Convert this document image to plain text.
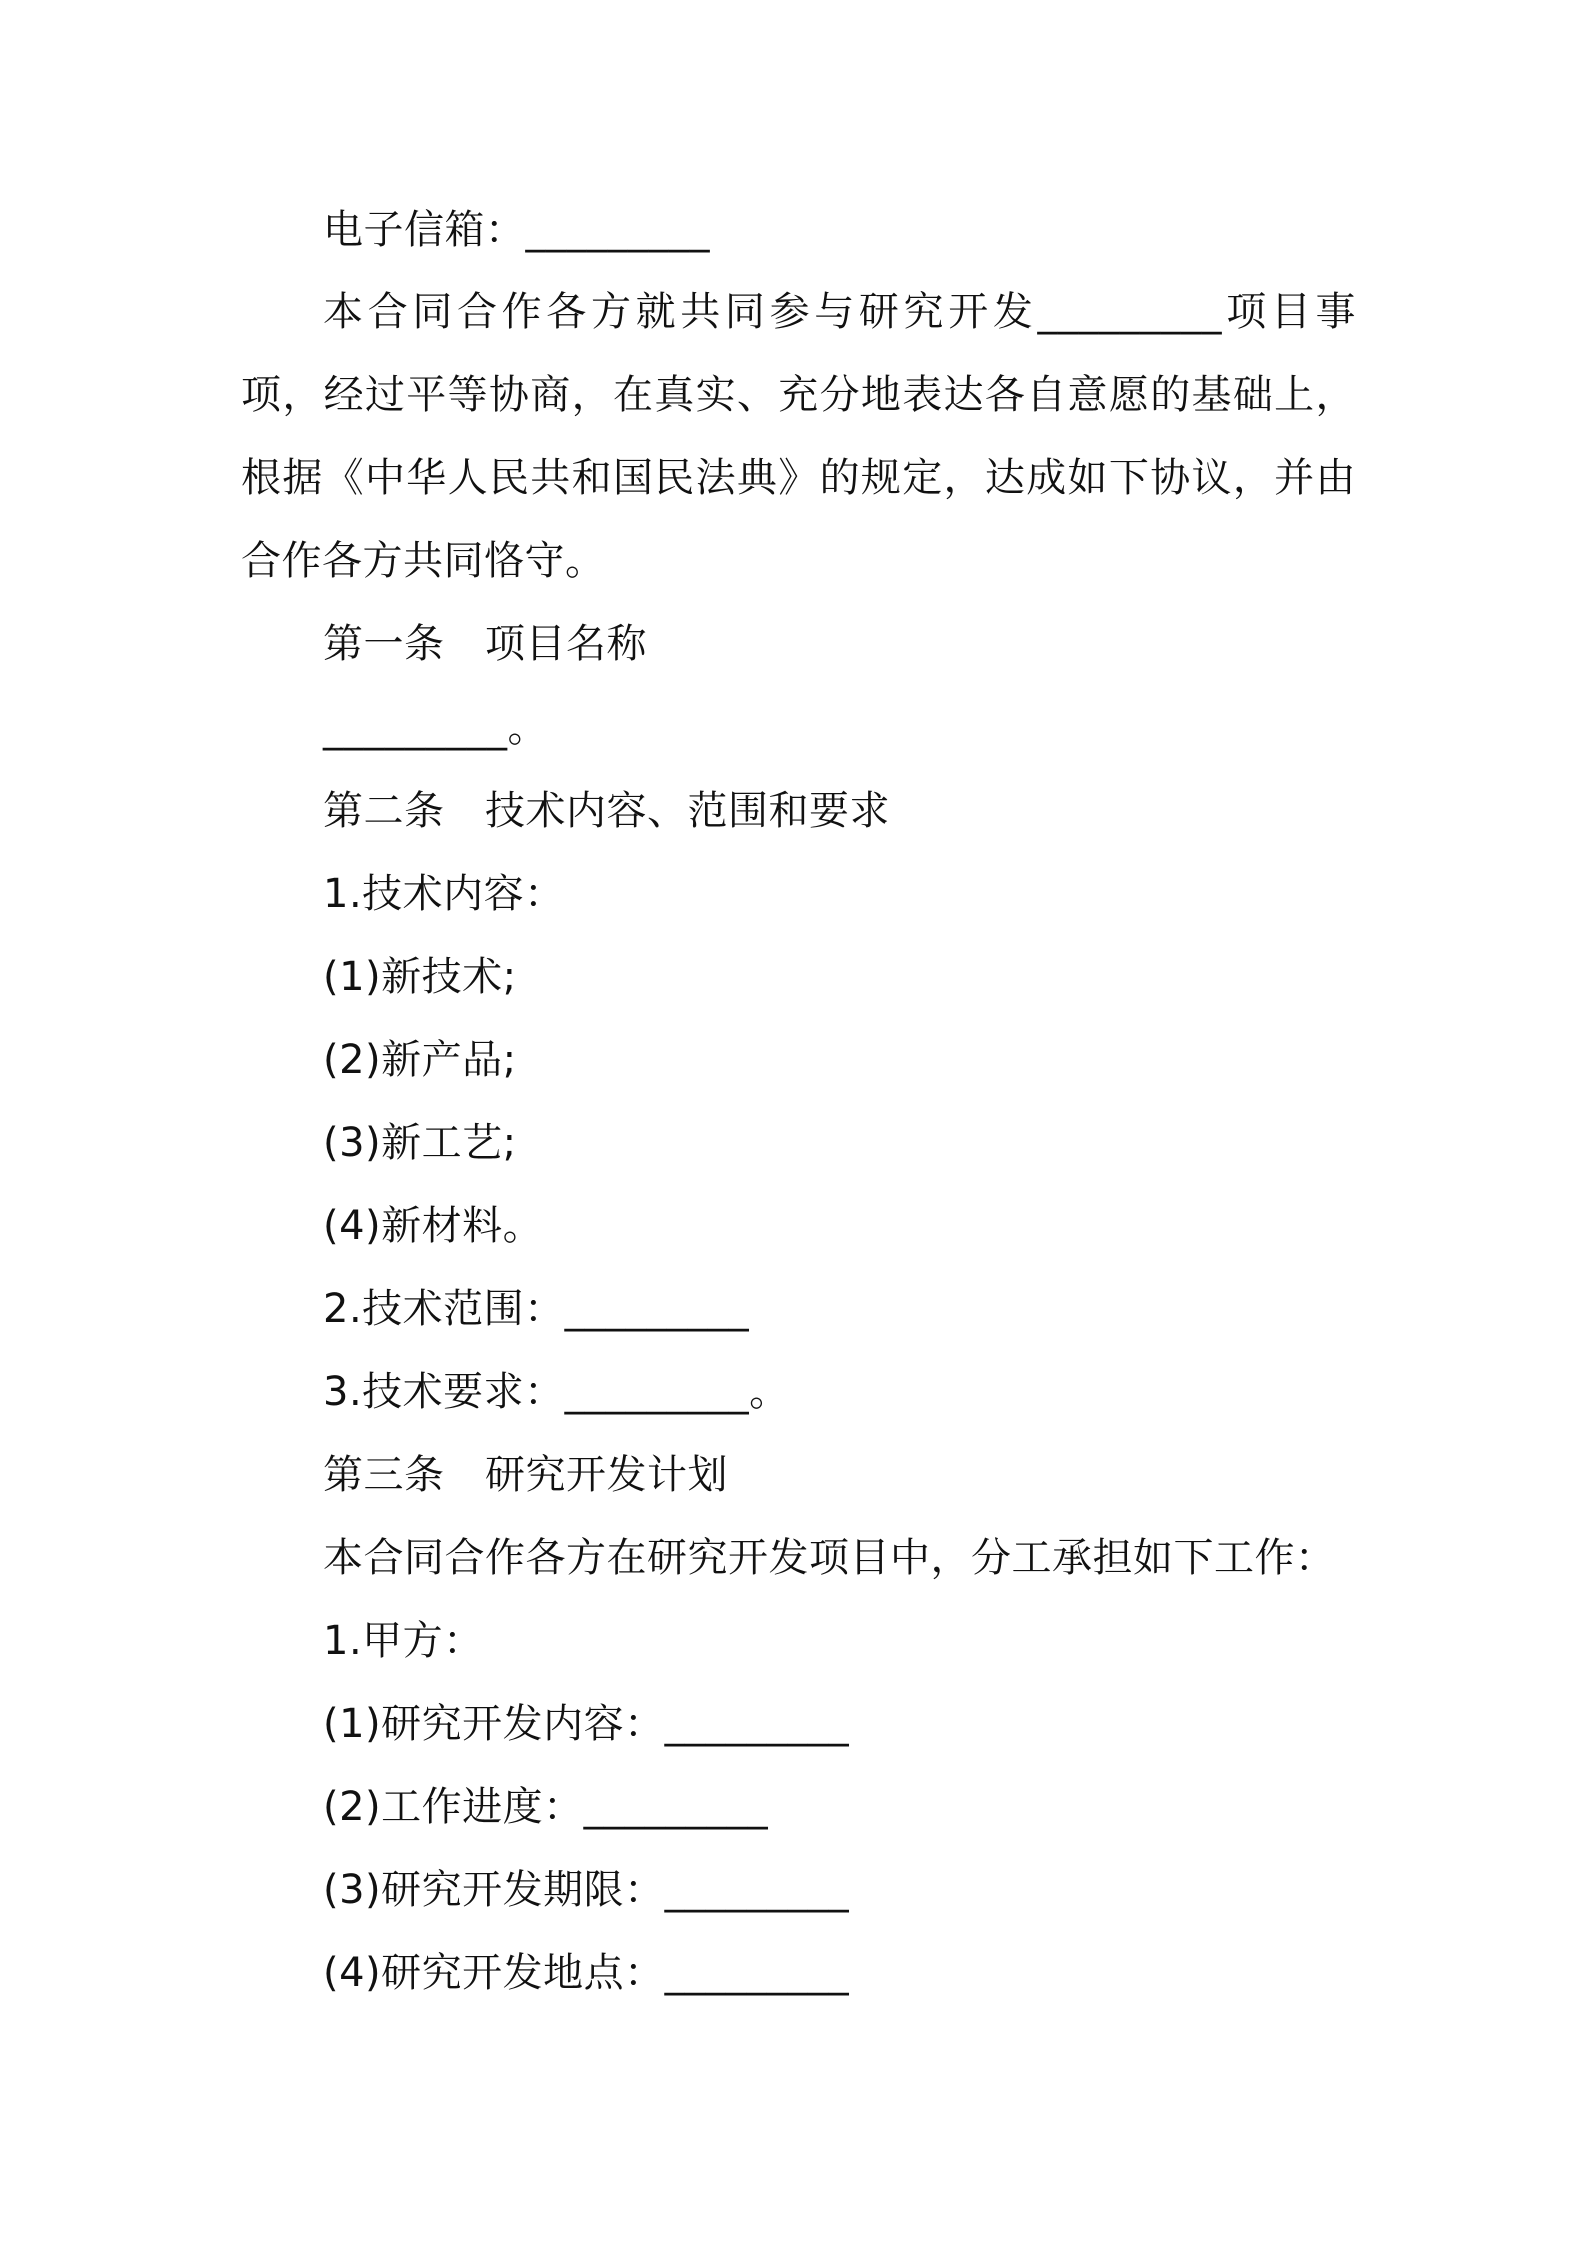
电子信箱：_________
本合同合作各方就共同参与研究开发_________项目事项，经过平等协商，在真实、充分地表达各自意愿的基础上，根据《中华人民共和国民法典》的规定，达成如下协议，并由合作各方共同恪守。
第一条　项目名称
_________。
第二条　技术内容、范围和要求
1.技术内容：
(1)新技术;
(2)新产品;
(3)新工艺;
(4)新材料。
2.技术范围：_________
3.技术要求：_________。
第三条　研究开发计划
本合同合作各方在研究开发项目中，分工承担如下工作：
1.甲方：
(1)研究开发内容：_________
(2)工作进度：_________
(3)研究开发期限：_________
(4)研究开发地点：_________
